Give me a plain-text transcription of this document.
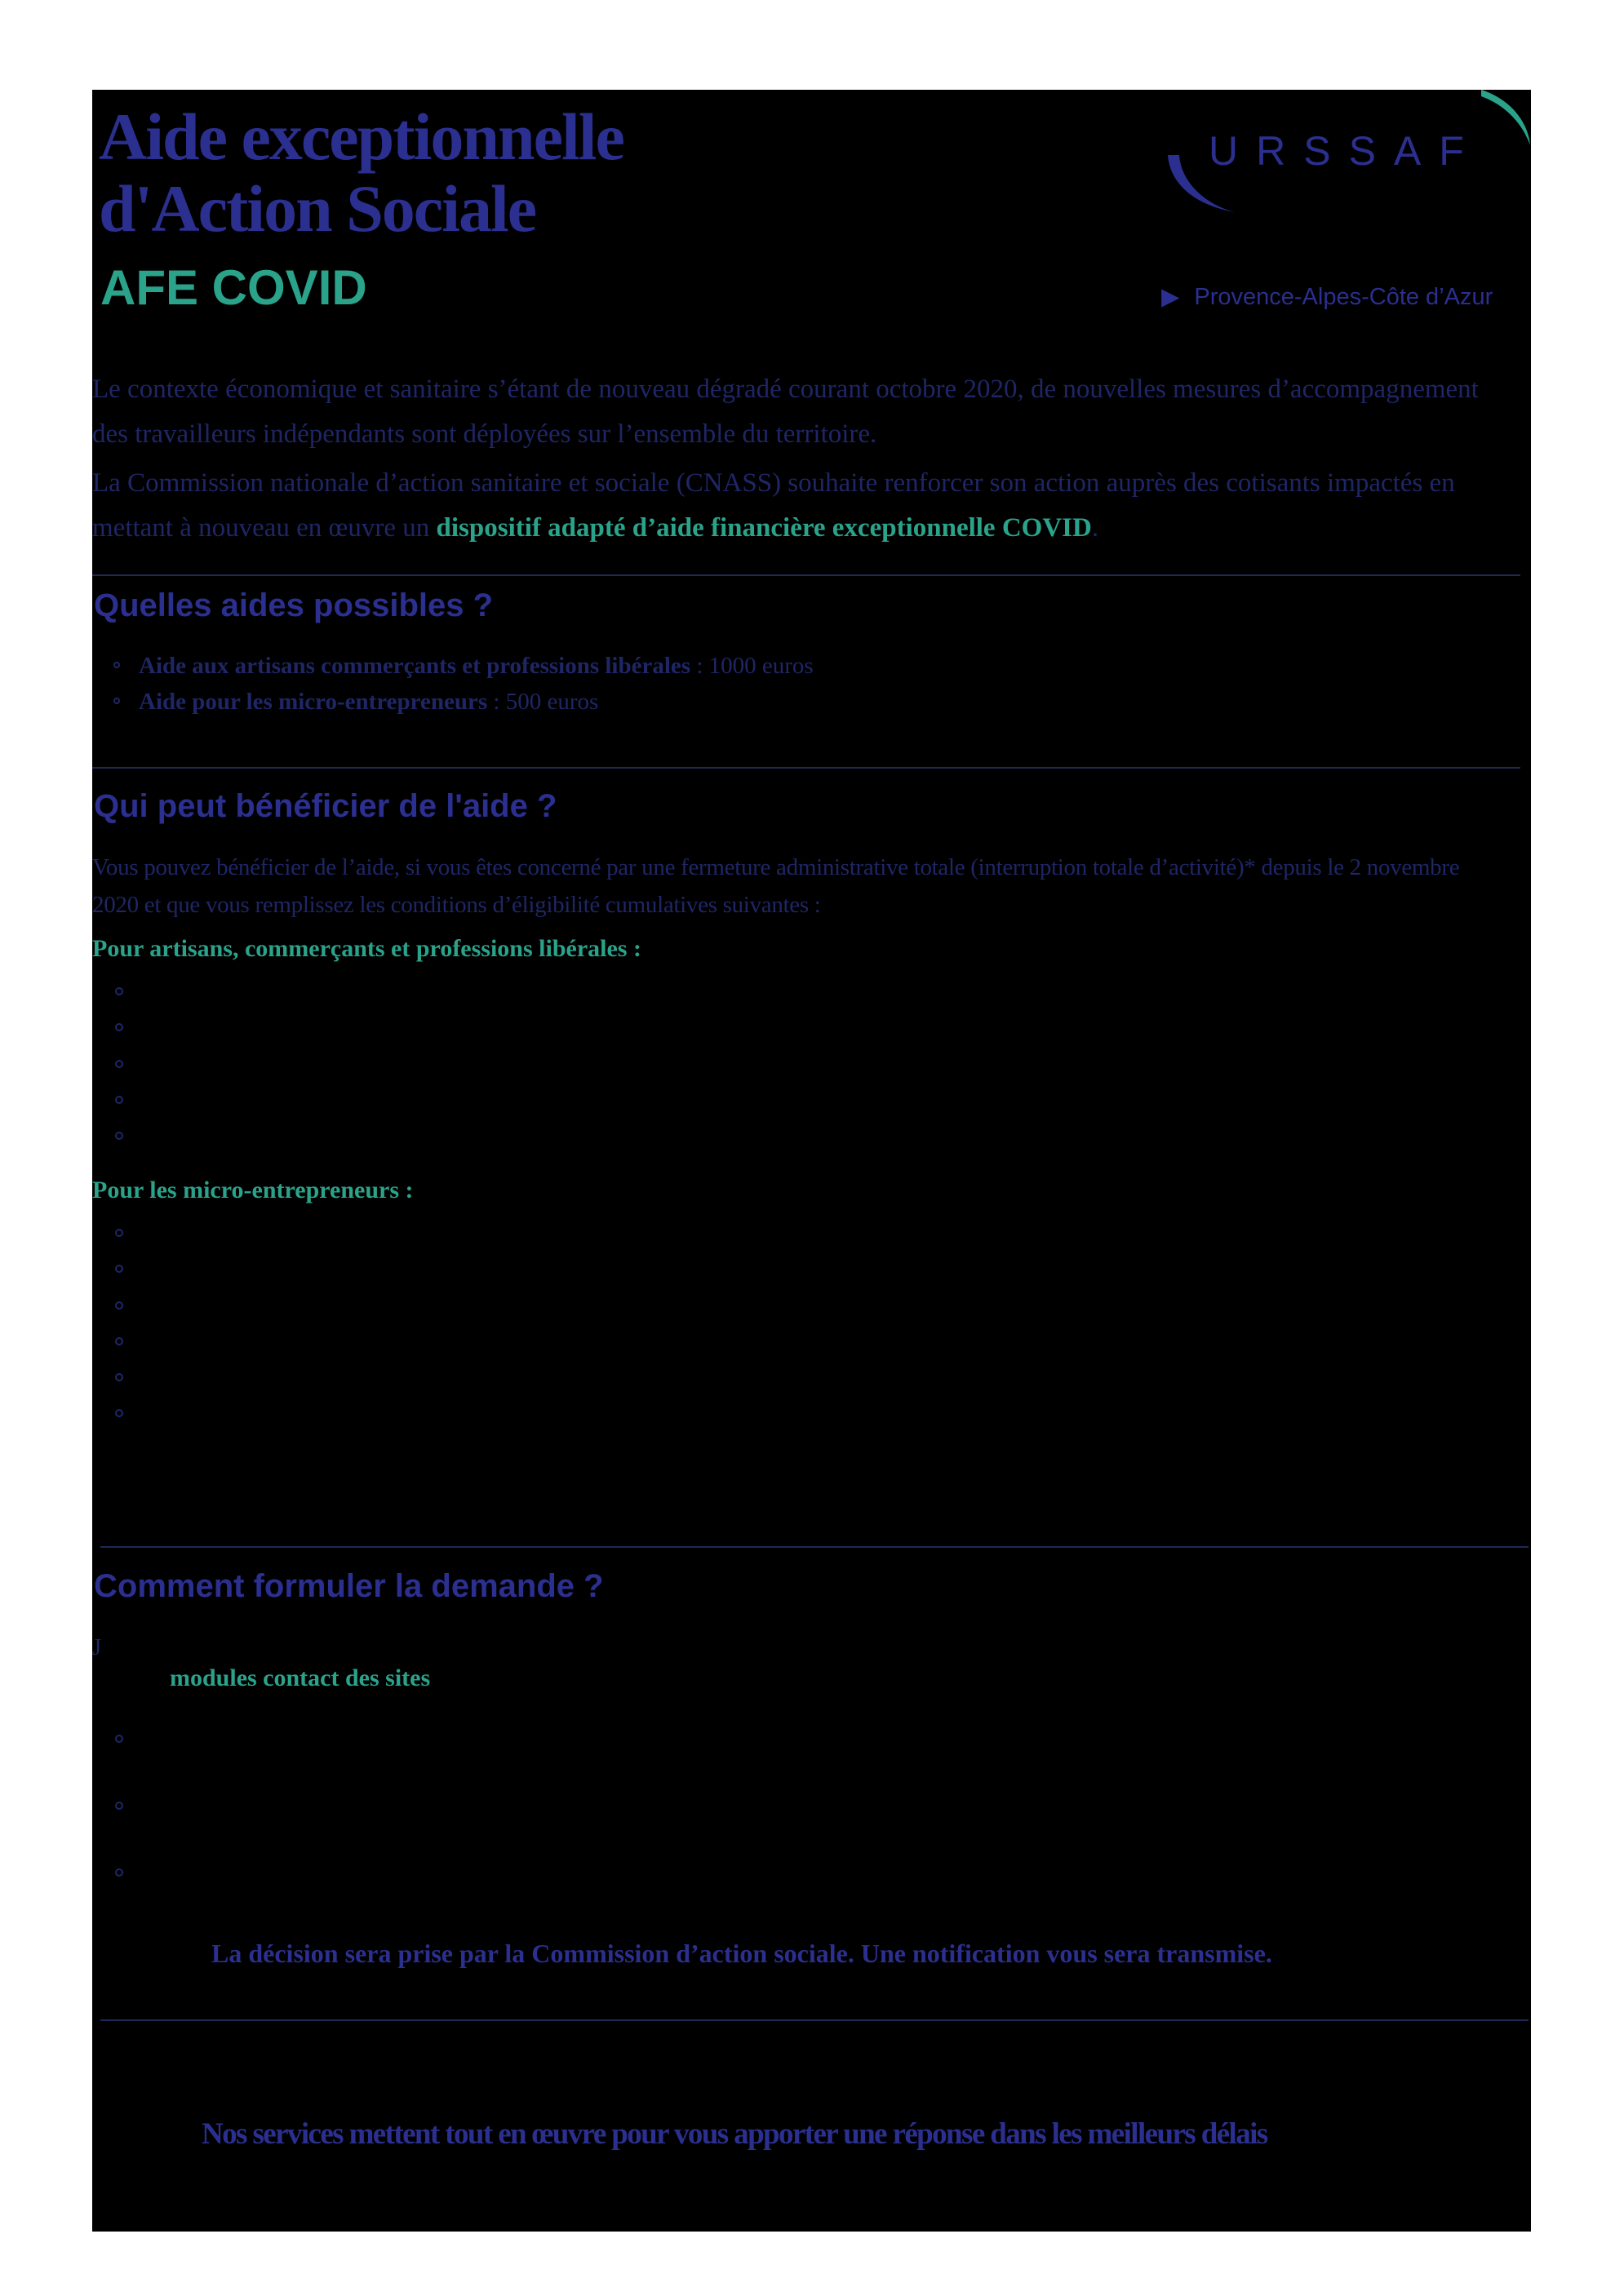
Aide exceptionnelle
d'Action Sociale
AFE COVID
URSSAF
▶ Provence-Alpes-Côte d’Azur
Le contexte économique et sanitaire s’étant de nouveau dégradé courant octobre 2020, de nouvelles mesures d’accompagnement des travailleurs indépendants sont déployées sur l’ensemble du territoire.
La Commission nationale d’action sanitaire et sociale (CNASS) souhaite renforcer son action auprès des cotisants impactés en mettant à nouveau en œuvre un dispositif adapté d’aide financière exceptionnelle COVID.
Quelles aides possibles ?
Aide aux artisans commerçants et professions libérales : 1000 euros
Aide pour les micro-entrepreneurs : 500 euros
Qui peut bénéficier de l'aide ?
Vous pouvez bénéficier de l’aide, si vous êtes concerné par une fermeture administrative totale (interruption totale d’activité)* depuis le 2 novembre 2020 et que vous remplissez les conditions d’éligibilité cumulatives suivantes :
Pour artisans, commerçants et professions libérales :
Pour les micro-entrepreneurs :
Comment formuler la demande ?
J
modules contact des sites
La décision sera prise par la Commission d’action sociale. Une notification vous sera transmise.
Nos services mettent tout en œuvre pour vous apporter une réponse dans les meilleurs délais
